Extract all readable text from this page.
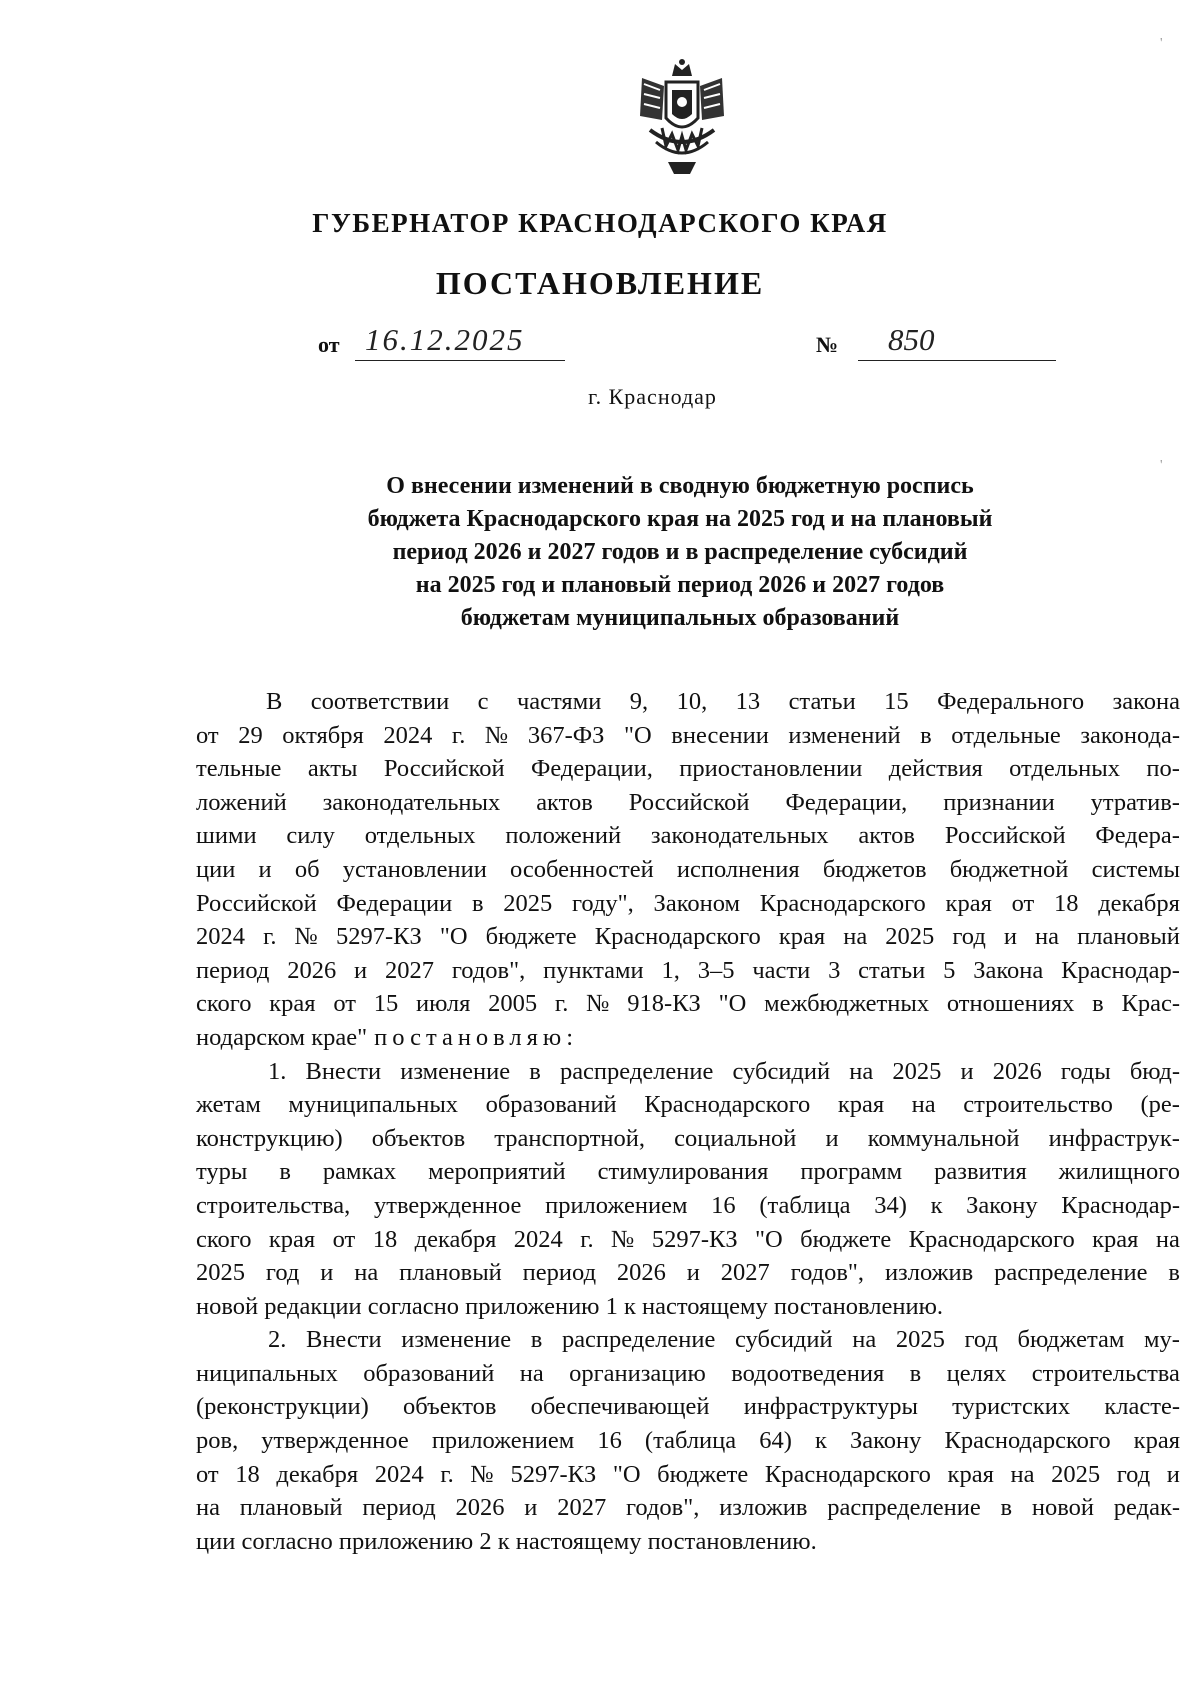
ГУБЕРНАТОР КРАСНОДАРСКОГО КРАЯ
ПОСТАНОВЛЕНИЕ
от 16.12.2025	№	850
г. Краснодар
О внесении изменений в сводную бюджетную роспись
бюджета Краснодарского края на 2025 год и на плановый
период 2026 и 2027 годов и в распределение субсидий
на 2025 год и плановый период 2026 и 2027 годов
бюджетам муниципальных образований
В соответствии с частями 9, 10, 13 статьи 15 Федерального закона
от 29 октября 2024 г. № 367-ФЗ "О внесении изменений в отдельные законода-
тельные акты Российской Федерации, приостановлении действия отдельных по-
ложений законодательных актов Российской Федерации, признании утратив-
шими силу отдельных положений законодательных актов Российской Федера-
ции и об установлении особенностей исполнения бюджетов бюджетной системы
Российской Федерации в 2025 году", Законом Краснодарского края от 18 декабря
2024 г. № 5297-КЗ "О бюджете Краснодарского края на 2025 год и на плановый
период 2026 и 2027 годов", пунктами 1, 3–5 части 3 статьи 5 Закона Краснодар-
ского края от 15 июля 2005 г. № 918-КЗ "О межбюджетных отношениях в Крас-
нодарском крае" постановляю:
1. Внести изменение в распределение субсидий на 2025 и 2026 годы бюд-
жетам муниципальных образований Краснодарского края на строительство (ре-
конструкцию) объектов транспортной, социальной и коммунальной инфраструк-
туры в рамках мероприятий стимулирования программ развития жилищного
строительства, утвержденное приложением 16 (таблица 34) к Закону Краснодар-
ского края от 18 декабря 2024 г. № 5297-КЗ "О бюджете Краснодарского края на
2025 год и на плановый период 2026 и 2027 годов", изложив распределение в
новой редакции согласно приложению 1 к настоящему постановлению.
2. Внести изменение в распределение субсидий на 2025 год бюджетам му-
ниципальных образований на организацию водоотведения в целях строительства
(реконструкции) объектов обеспечивающей инфраструктуры туристских класте-
ров, утвержденное приложением 16 (таблица 64) к Закону Краснодарского края
от 18 декабря 2024 г. № 5297-КЗ "О бюджете Краснодарского края на 2025 год и
на плановый период 2026 и 2027 годов", изложив распределение в новой редак-
ции согласно приложению 2 к настоящему постановлению.
'
'
